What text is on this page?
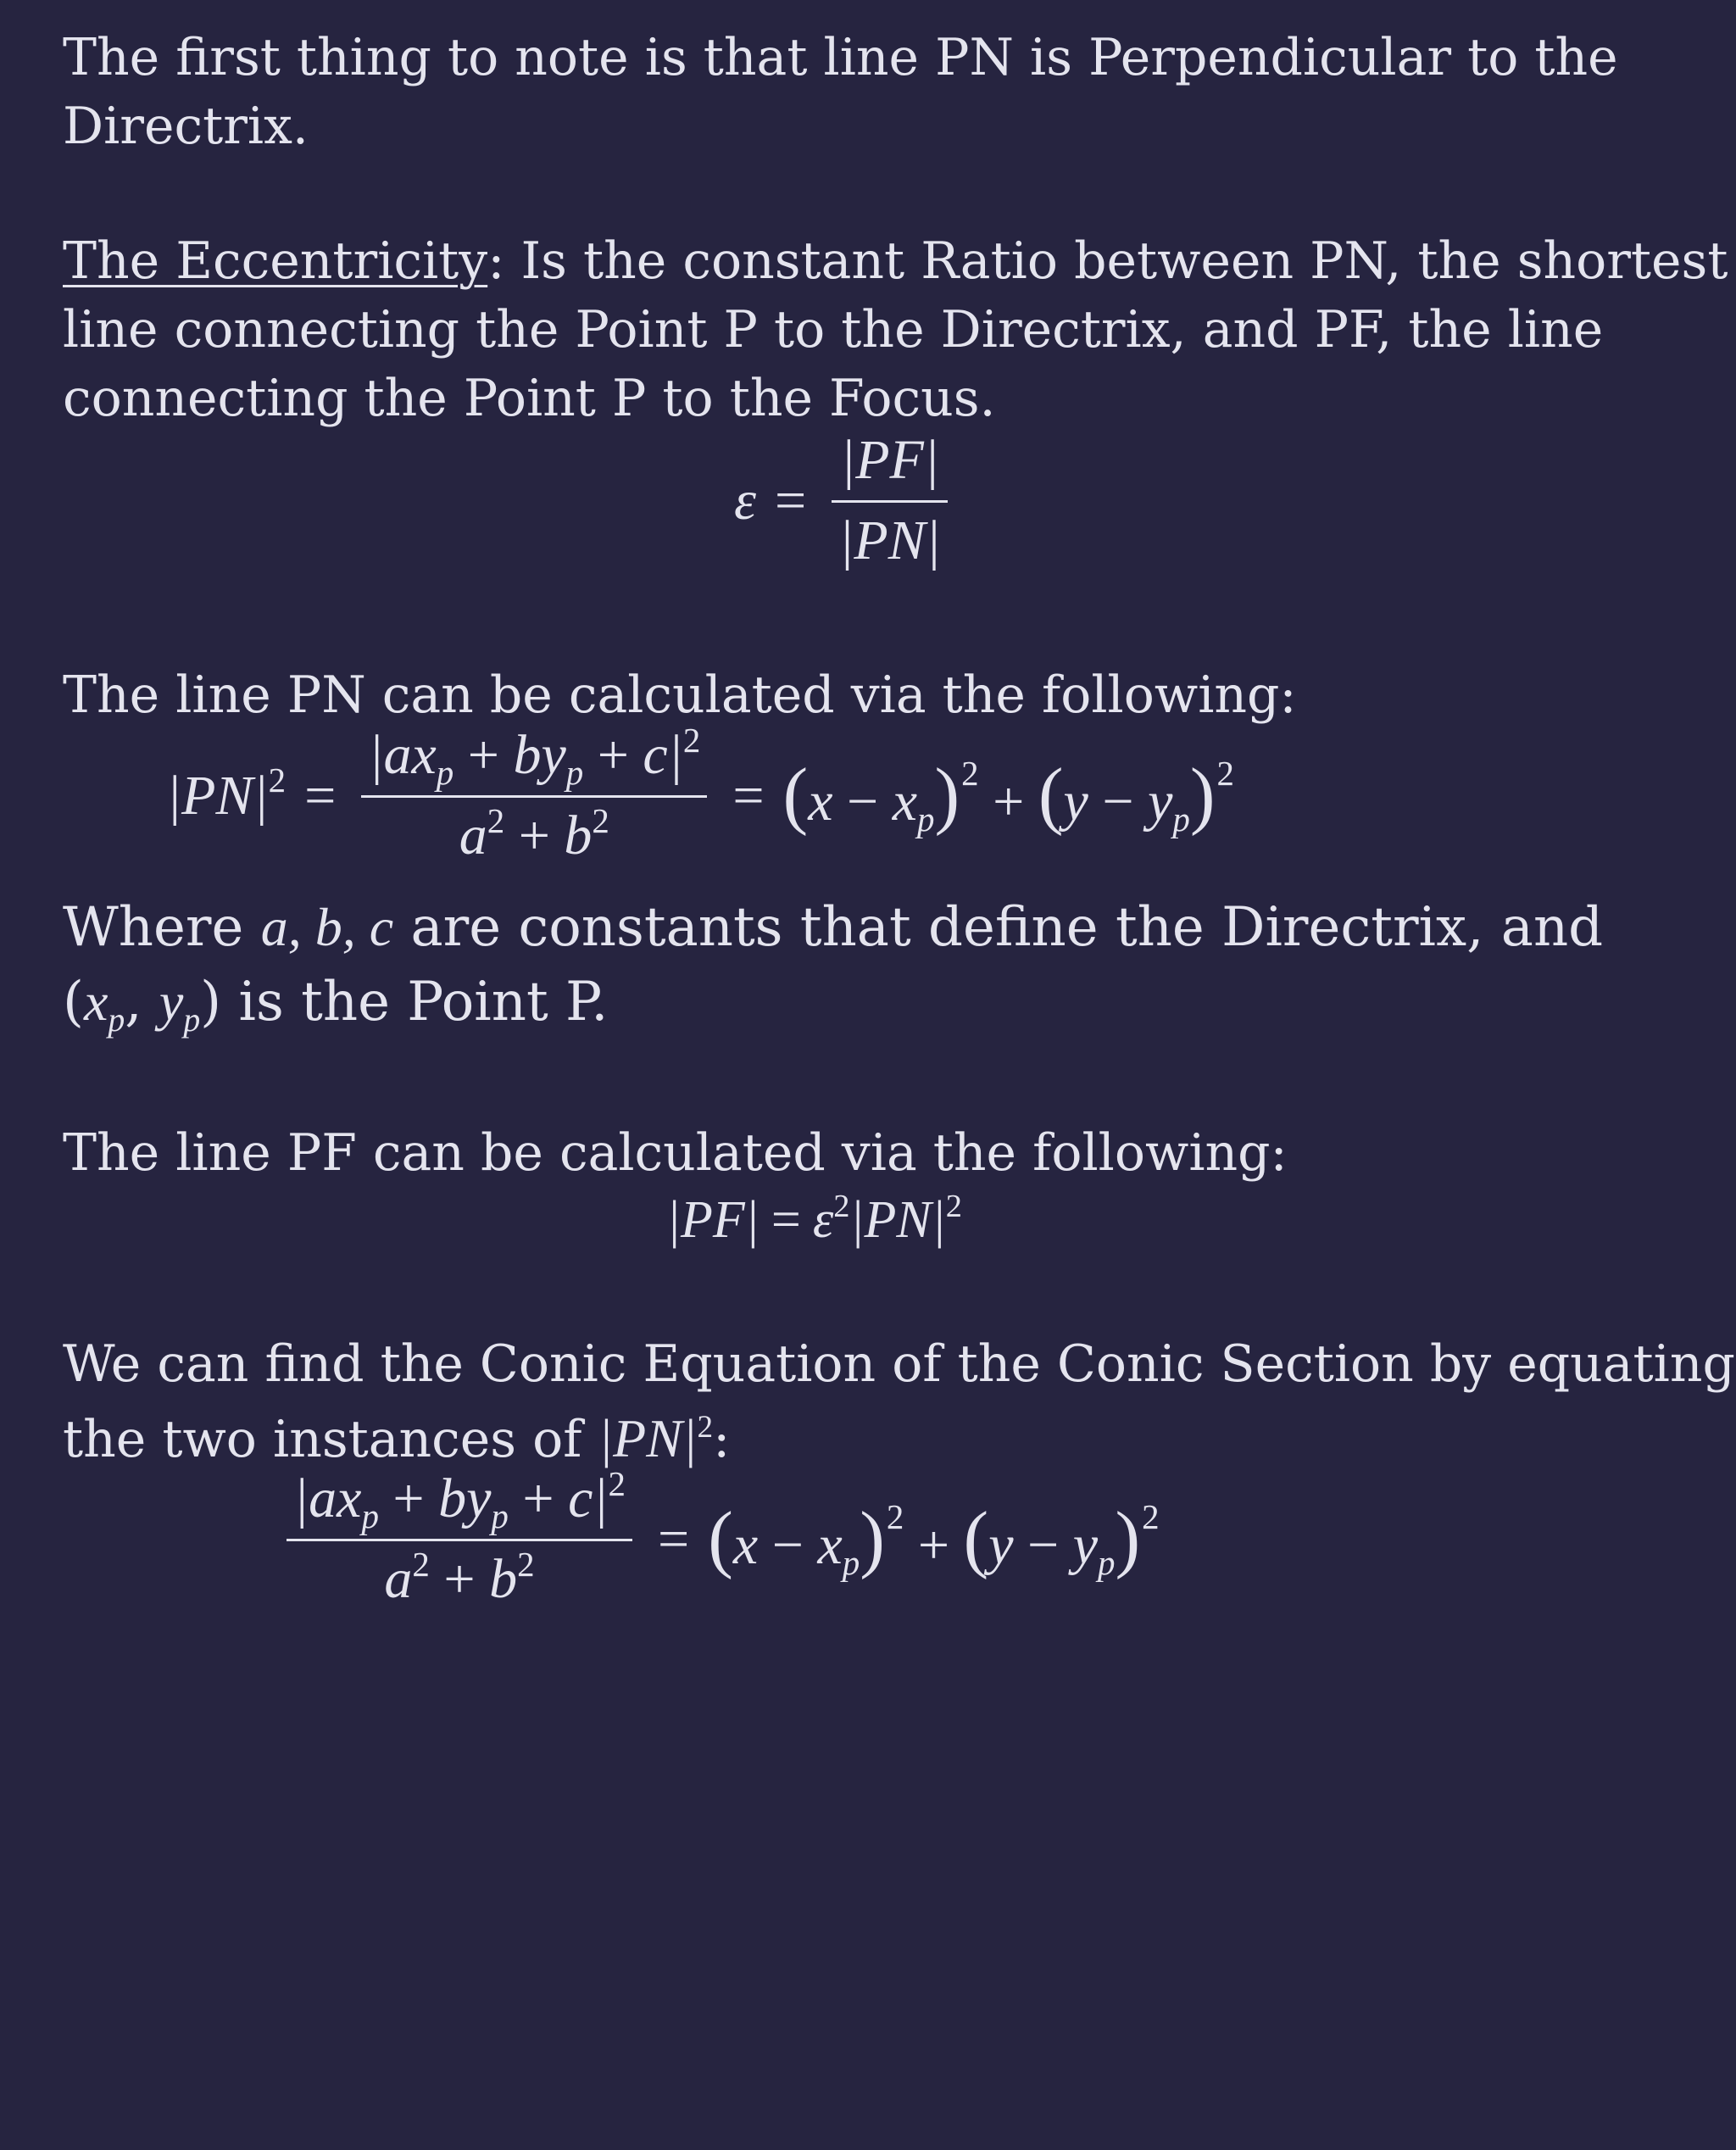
The first thing to note is that line PN is Perpendicular to the
Directrix.

The Eccentricity: Is the constant Ratio between PN, the shortest
line connecting the Point P to the Directrix, and PF, the line
connecting the Point P to the Focus.

$\varepsilon = \frac{|PF|}{|PN|}$

The line PN can be calculated via the following:

$|PN|^2 = \frac{|ax_p + by_p + c|^2}{a^2 + b^2} = (x - x_p)^2 + (y - y_p)^2$

Where a, b, c are constants that define the Directrix, and
($x_p$, $y_p$) is the Point P.

The line PF can be calculated via the following:

$|PF| = \varepsilon^2|PN|^2$

We can find the Conic Equation of the Conic Section by equating
the two instances of $|PN|^2$:

$\frac{|ax_p + by_p + c|^2}{a^2 + b^2} = (x - x_p)^2 + (y - y_p)^2$
